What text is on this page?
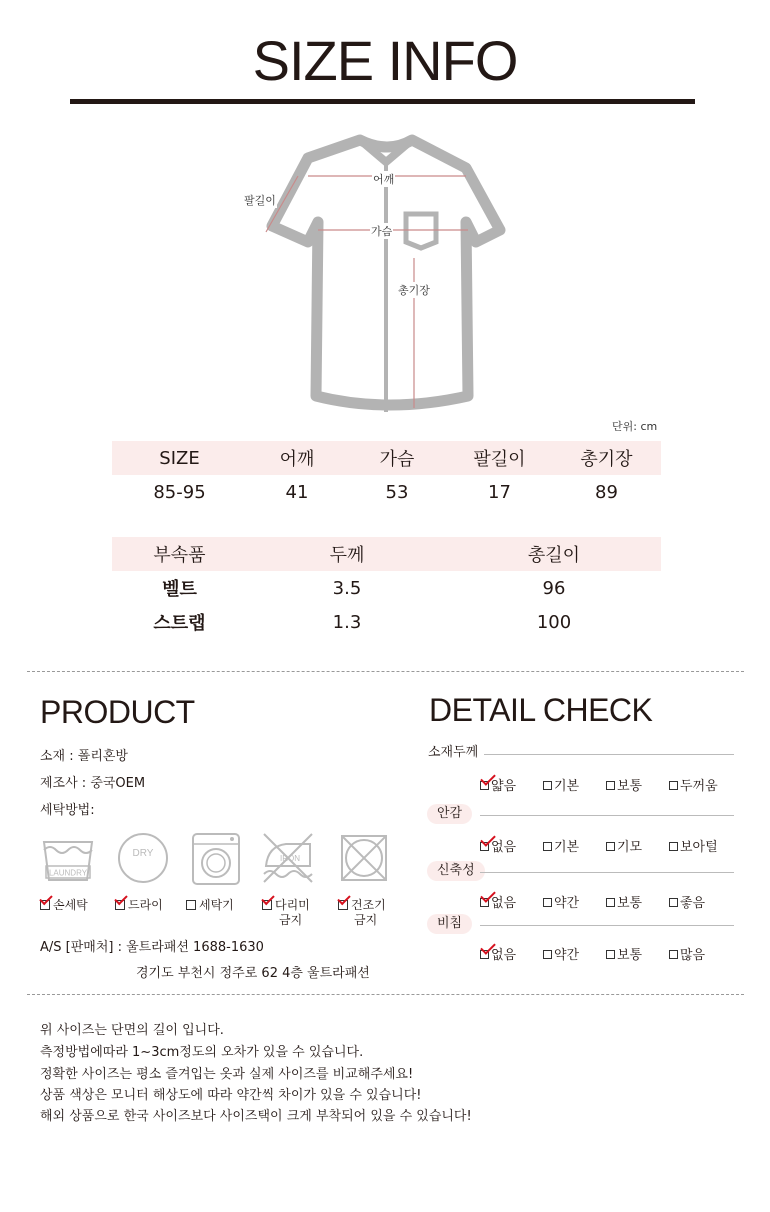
SIZE INFO
어깨
팔길이
가슴
총기장
단위: cm
SIZE	어깨	가슴	팔길이	총기장
85-95	41	53	17	89
부속품	두께	총길이
벨트	3.5	96
스트랩	1.3	100
PRODUCT
소재 : 폴리혼방
제조사 : 중국OEM
세탁방법:
LAUNDRY
DRY	IRON
손세탁	드라이	세탁기	다리미
금지
건조기
금지
A/S [판매처] : 울트라패션 1688-1630
경기도 부천시 정주로 62 4층 울트라패션
DETAIL CHECK
소재두께
얇음	기본	보통	두꺼움
안감
없음	기본	기모	보아털
신축성
없음	약간	보통	좋음
비침
없음	약간	보통	많음
위 사이즈는 단면의 길이 입니다.
측정방법에따라 1~3cm정도의 오차가 있을 수 있습니다.
정확한 사이즈는 평소 즐겨입는 옷과 실제 사이즈를 비교해주세요!
상품 색상은 모니터 해상도에 따라 약간씩 차이가 있을 수 있습니다!
해외 상품으로 한국 사이즈보다 사이즈택이 크게 부착되어 있을 수 있습니다!
